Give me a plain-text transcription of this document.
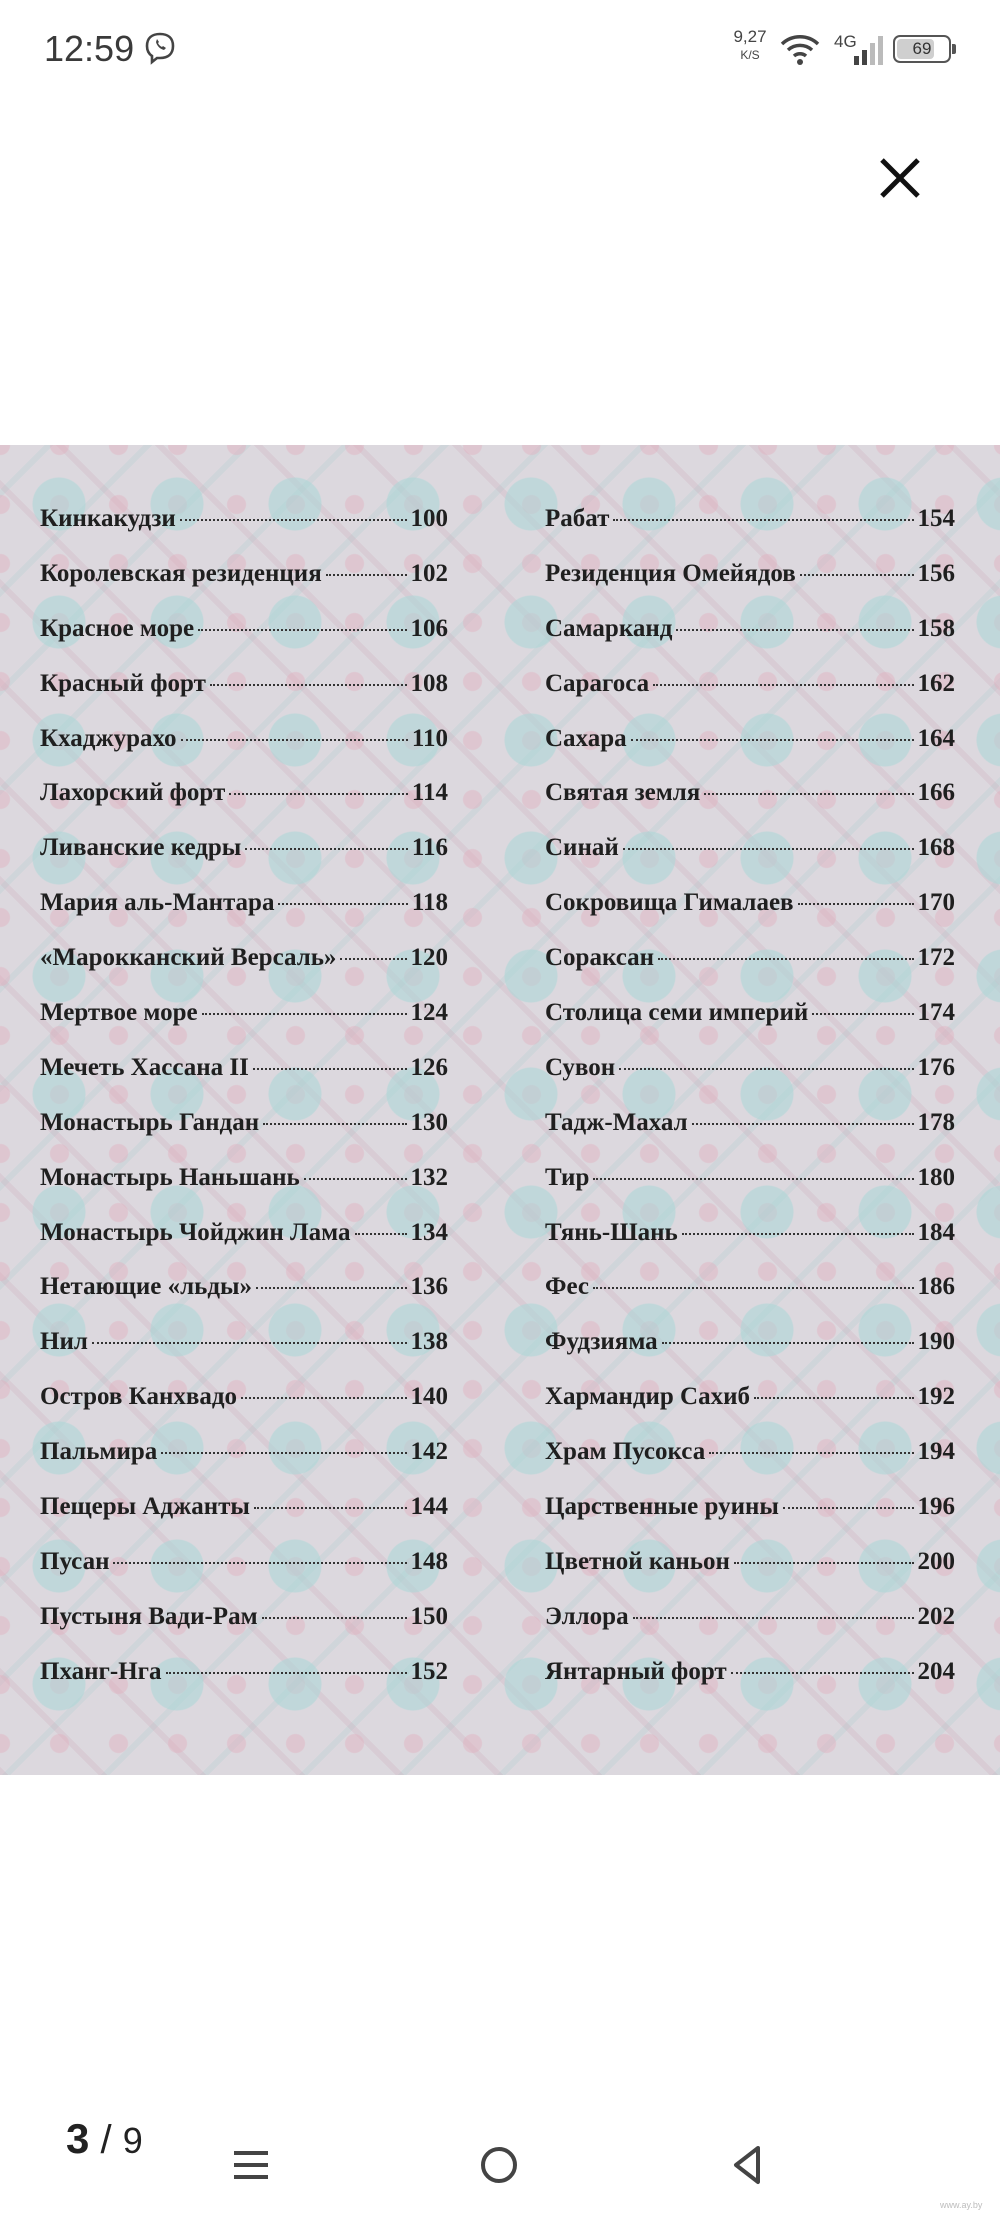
12:59	9,27
K/S
4G	69
Кинкакудзи	100
Королевская резиденция	102
Красное море	106
Красный форт	108
Кхаджурахо	110
Лахорский форт	114
Ливанские кедры	116
Мария аль-Мантара	118
«Марокканский Версаль»	120
Мертвое море	124
Мечеть Хассана II	126
Монастырь Гандан	130
Монастырь Наньшань	132
Монастырь Чойджин Лама 134
Нетающие «льды»	136
Нил	138
Остров Канхвадо	140
Пальмира	142
Пещеры Аджанты	144
Пусан	148
Пустыня Вади-Рам	150
Пханг-Нга	152
Рабат	154
Резиденция Омейядов	156
Самарканд	158
Сарагоса	162
Сахара	164
Святая земля	166
Синай	168
Сокровища Гималаев	170
Сораксан	172
Столица семи империй	174
Сувон	176
Тадж-Махал	178
Тир	180
Тянь-Шань	184
Фес	186
Фудзияма	190
Хармандир Сахиб	192
Храм Пусокса	194
Царственные руины	196
Цветной каньон	200
Эллора	202
Янтарный форт	204
3 / 9
www.ay.by
